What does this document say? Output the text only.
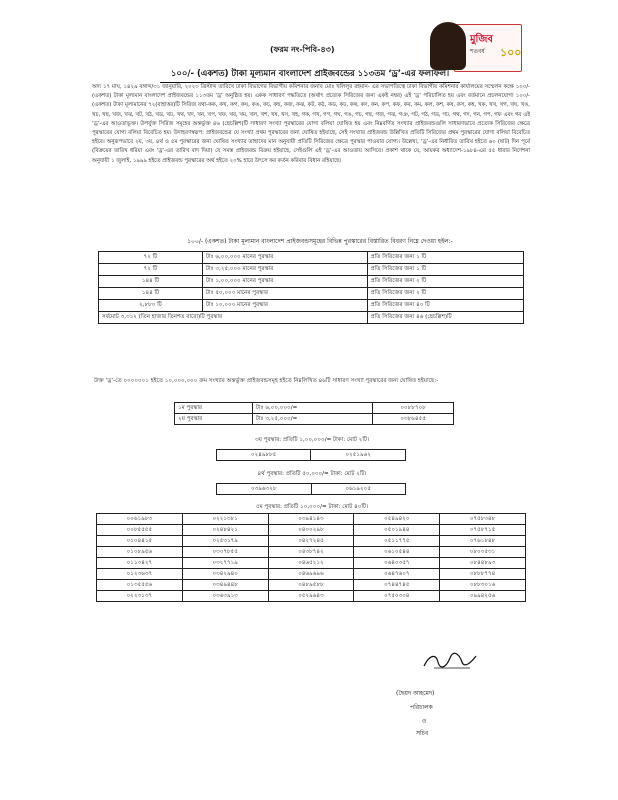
(ফরম নং-পিবি-৪৩)
মুজিব
শতবর্ষ ১০০
১০০/- (একশত) টাকা মূল্যমান বাংলাদেশ প্রাইজবন্ডের ১১৩তম ‘ড্র’-এর ফলাফল।
অদ্য ১৭ মাঘ, ১৪২৯ বঙ্গাব্দ/৩১ জানুয়ারি, ২০২৩ খ্রিস্টাব্দ তারিখে ঢাকা বিভাগের বিভাগীয় কমিশনার জনাব মোঃ খলিলুর রহমান- এর সভাপতিত্বে ঢাকা বিভাগীয় কমিশনার কার্যালয়ের সম্মেলন কক্ষে ১০০/- (একশত) টাকা মূল্যমান বাংলাদেশ প্রাইজবন্ডের ১১৩তম ‘ড্র’ অনুষ্ঠিত হয়। একক সাধারণ পদ্ধতিতে (অর্থাৎ প্রত্যেক সিরিজের জন্য একই নম্বর) এই ‘ড্র’ পরিচালিত হয় এবং বর্তমানে প্রচলনযোগ্য ১০০/- (একশত) টাকা মূল্যমানের ৭২(বাহাত্তর)টি সিরিজ যথা-কক, কখ, কগ, কঘ, কঙ, কচ, কছ, কজ, কঝ, কট, কঠ, কড, কঢ, কথ, কদ, কন, কপ, কফ, কব, কম, কল, কশ, কষ, কস, কহ, খক, খখ, খগ, খঘ, খঙ, খচ, খছ, খজ, খঝ, খট, খঠ, খড, খঢ, খথ, খদ, খন, খপ, খফ, খব, খম, খল, খশ, খষ, খস, খহ, গক, গখ, গগ, গঘ, গঙ, গচ, গছ, গজ, গঝ, গঞ, গট, গঠ, গড, গঢ, গথ, গদ, গন, গপ, গফ এবং গব এই ‘ড্র’-এর আওতাভুক্ত। উপর্যুক্ত সিরিজ সমূহের অন্তর্ভুক্ত ৪৬ (ছেচল্লিশ)টি সাধারণ সংখ্যা পুরস্কারের যোগ্য বলিয়া ঘোষিত হয় এবং নিম্নবর্ণিত সংখ্যার প্রাইজবন্ডগুলি সাধারণভাবে প্রত্যেক সিরিজের ক্ষেত্রে পুরস্কারের যোগ্য বলিয়া বিবেচিত হয়। উদাহরণস্বরূপ: প্রাইজবন্ডের যে সংখ্যা প্রথম পুরস্কারের জন্য ঘোষিত হইয়াছে, সেই সংখ্যার প্রাইজবন্ড উল্লিখিত প্রতিটি সিরিজের প্রথম পুরস্কারের যোগ্য বলিয়া বিবেচিত হইবে। অনুরূপভাবে ২য়, ৩য়, ৪র্থ ও ৫ম পুরস্কারের জন্য ঘোষিত সংখ্যার তাহাদের মান অনুযায়ী প্রতিটি সিরিজের ক্ষেত্রে পুরস্কার পাওয়ার যোগ্য। উল্লেখ্য, ‘ড্র’-এর নির্ধারিত তারিখ হইতে ৬০ (ষাট) দিন পূর্বে (বিক্রয়ের তারিখ ধরিয়া এবং ‘ড্র’-এর তারিখ বাদ দিয়া) যে সমস্ত প্রাইজবন্ড বিক্রয় হইয়াছে, সেইগুলি এই ‘ড্র’-এর আওতায় আসিবে। প্রকাশ থাকে যে, আয়কর অধ্যাদেশ-১৯৮৪-এর ৫৫ ধারার নির্দেশনা অনুযায়ী ১ জুলাই, ১৯৯৯ হইতে প্রাইজবন্ড পুরস্কারের অর্থ হইতে ২০% হারে উৎসে কর কর্তন করিবার বিধান রহিয়াছে।
১০০/- (একশত) টাকা মূল্যমান বাংলাদেশ প্রাইজবন্ডসমূহের বিভিন্ন পুরস্কারের বিস্তারিত বিবরণ নিম্নে দেওয়া হইল:-
৭২ টি	টাঃ ৬,০০,০০০ মানের পুরস্কার	প্রতি সিরিজের জন্য ১ টি
৭২ টি	টাঃ ৩,২৫,০০০ মানের পুরস্কার	প্রতি সিরিজের জন্য ১ টি
১৪৪ টি	টাঃ ১,০০,০০০ মানের পুরস্কার	প্রতি সিরিজের জন্য ২ টি
১৪৪ টি	টাঃ ৫০,০০০ মানের পুরস্কার	প্রতি সিরিজের জন্য ২ টি
২,৮৮০ টি	টাঃ ১০,০০০ মানের পুরস্কার	প্রতি সিরিজের জন্য ৪০ টি
সর্বমোট ৩,৩১২ (তিন হাজার তিনশত বারো)টি পুরস্কার		প্রতি সিরিজের জন্য ৪৬ (ছেচল্লিশ)টি
উক্ত ‘ড্র’-তে ০০০০০০১ হইতে ১০,০০০,০০০ ক্রম সংখ্যার অন্তর্ভুক্ত প্রাইজবন্ডসমূহ হইতে নিম্নলিখিত ৪৬টি সাধারণ সংখ্যা পুরস্কারের জন্য ঘোষিত হইয়াছে:-
১ম পুরস্কার	টাঃ ৬,০০,০০০/=	০০৮৮৭০৮
২য় পুরস্কার	টাঃ ৩,২৫,০০০/=	০৩৮৬৪৫৫
৩য় পুরস্কার: প্রতিটি ১,০০,০০০/= টাকা: মোট ২টি।
০২৪৯৮৮৫	০২৫১৯৬২
৪র্থ পুরস্কার: প্রতিটি ৫০,০০০/= টাকা: মোট ২টি।
০৩৯৬৩২৮	০৬১৯২০৫
৫ম পুরস্কার: প্রতিটি ১০,০০০/= টাকা: মোট ৪০টি।
০০৬১৯৮৩	০২২১৩৮১	০৩৯৪১৪৩	০৫৪৯৪২০	০৭৫৮৩৪৮
০০৮৫৫৫৫	০২৪৮৪২১	০৪০০২৯৮	০৫০১৯৪৪	০৭৫৮৭১৫
০১০৪৪১৫	০২৫৩১৭৯	০৪২৭২৪৫	০৫১১৭৭৫	০৭৬১৮৪৮
০১০৮৯৫৬	০৩০৭৮৫৫	০৪৩৮৭৪২	০৬১০৫৪৪	০৮০৩৫৩১
০১১৩৪২৭	০৩২৭৭১৯	০৪৬৫২১২	০৬৪০৩৫৭	০৮৪৪৮৯৩
০১২৩৬৩৭	০৩৪২৯৪০	০৪৬৯৬৯৬	০৬৪৭৬০৭	০৮৮৮৭৭৪
০১৩৫৫৫৬	০৩৪৯৪৪৮	০৪৮৯৫৮৮	০৭৪৪৭৪৫	০৮৮৩০১৬
০২২৩১৩৭	০৩৬৩৯১৩	০৫২৯৬৪৩	০৭৫০৩০৪	০৯৯৪২৫৬
(ছৈয়দ আহমেদ)
পরিচালক
ও
সচিব
